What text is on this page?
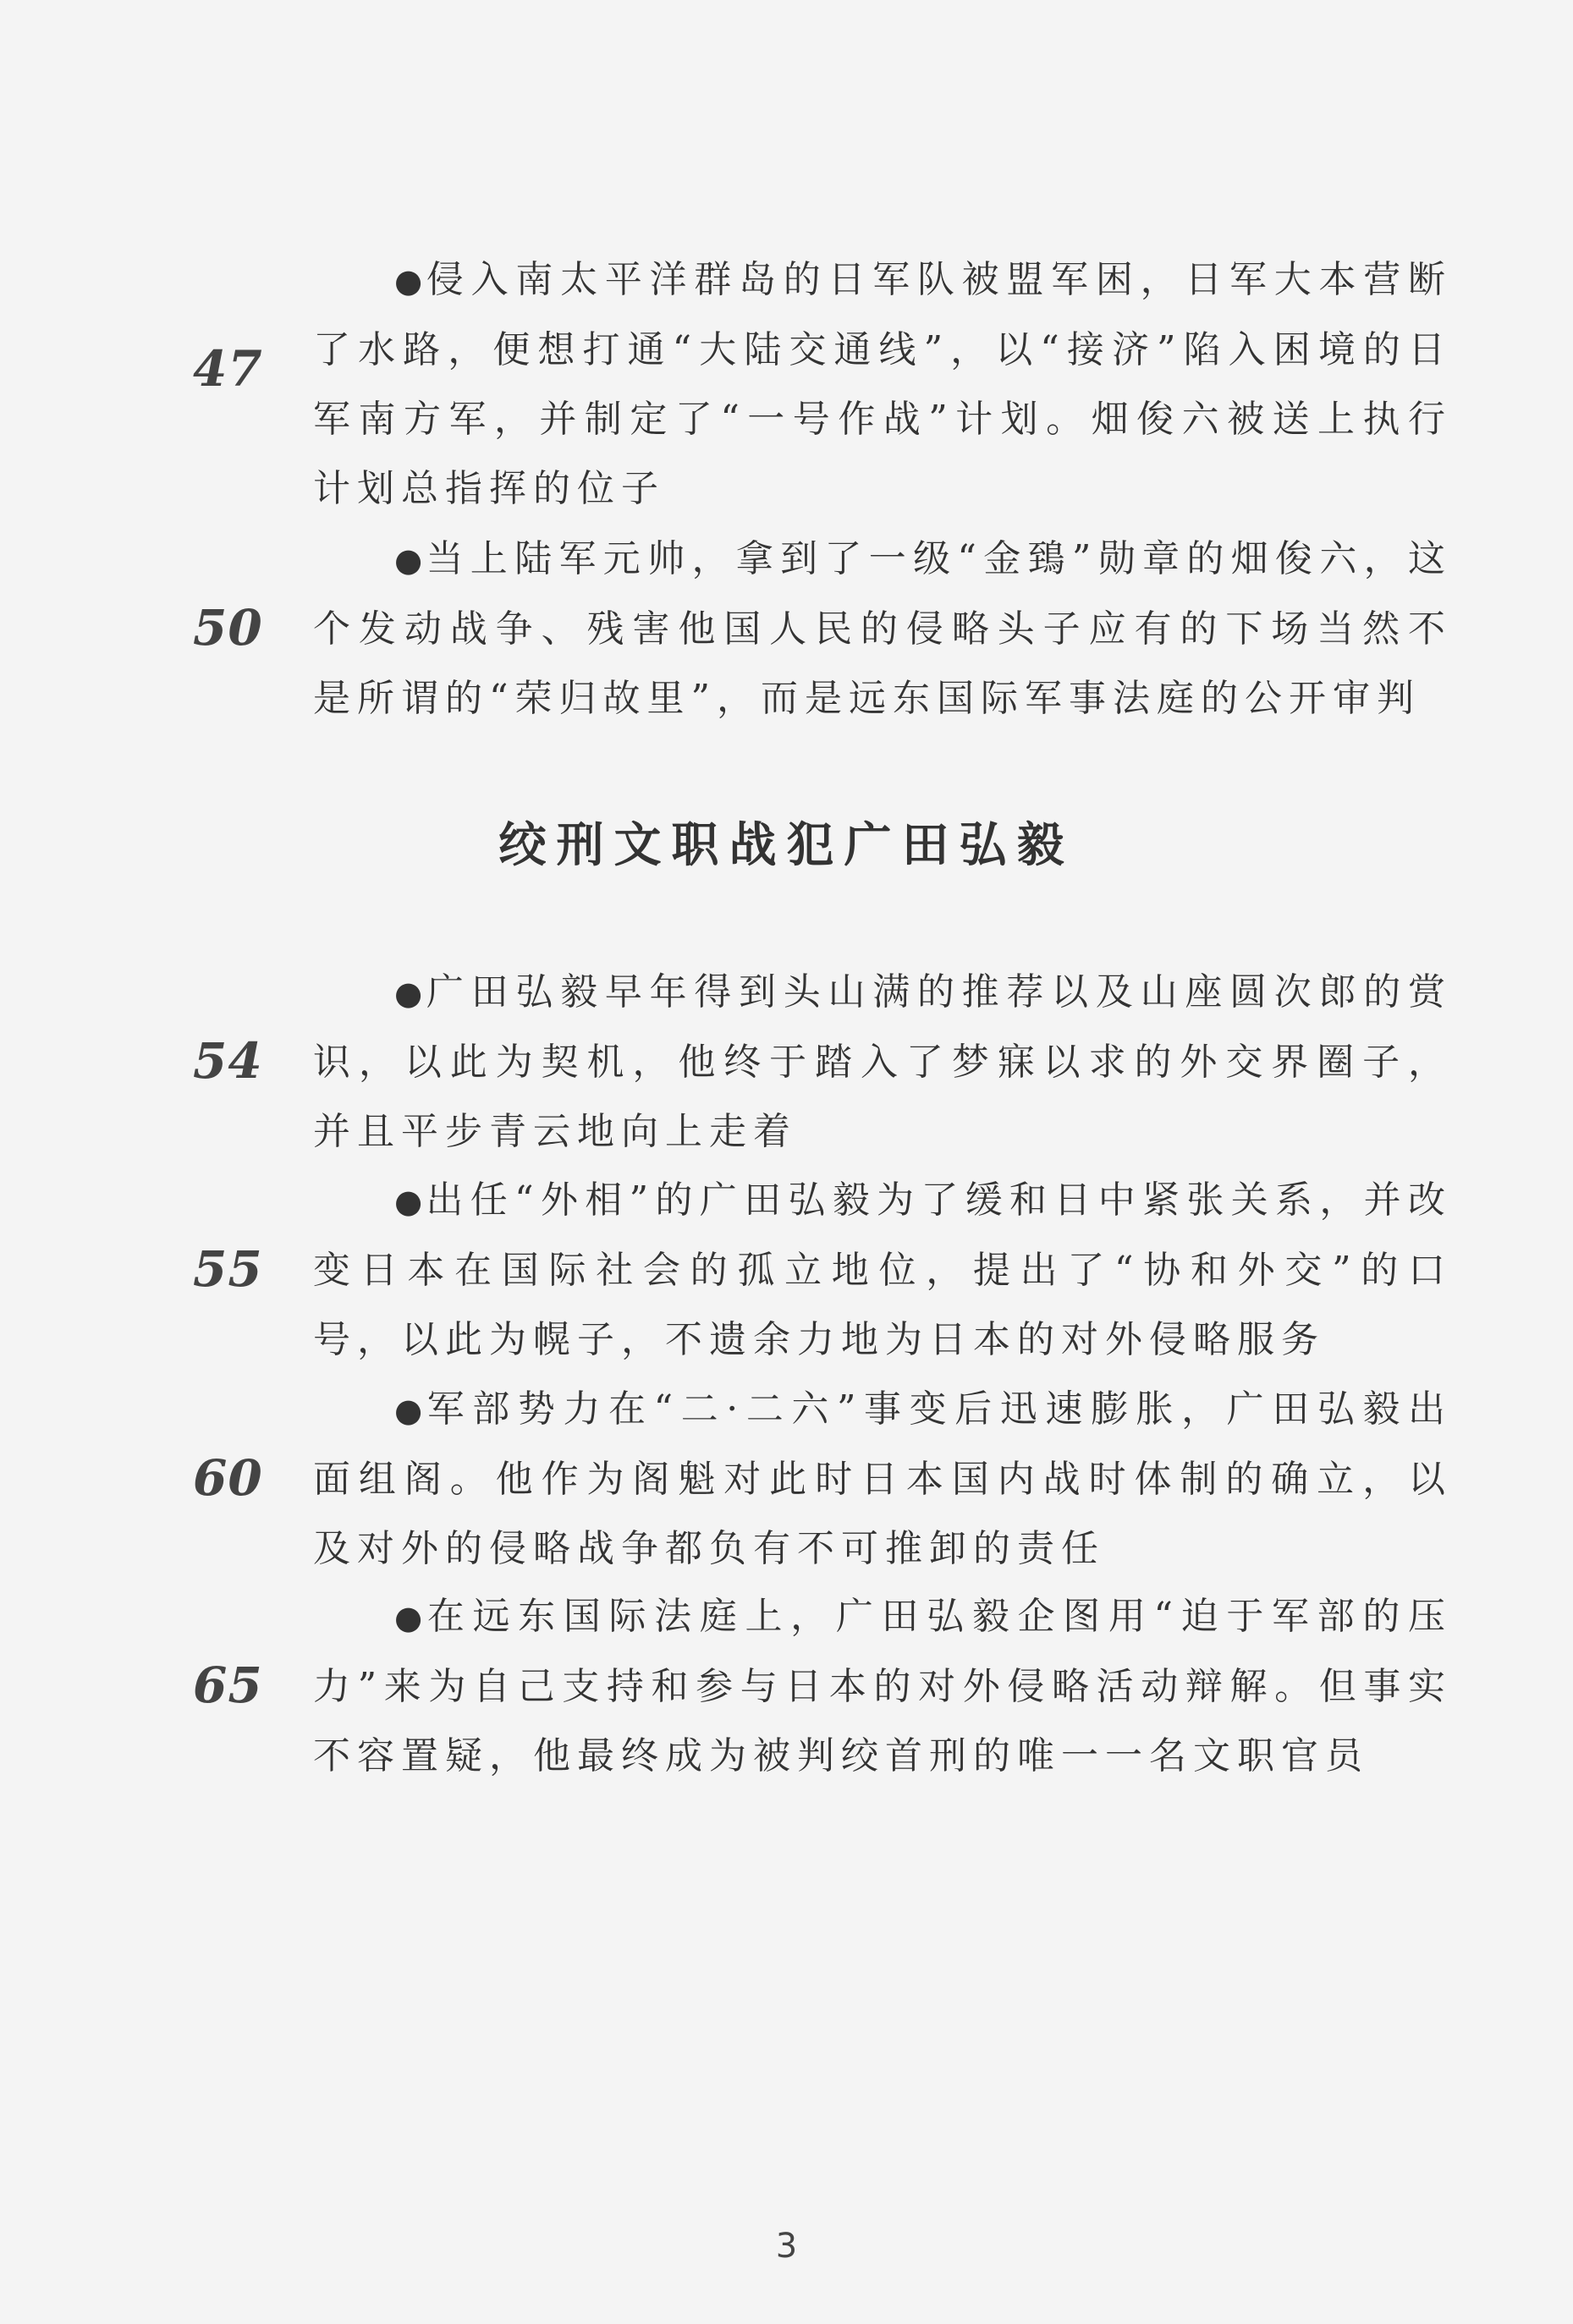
47
●侵入南太平洋群岛的日军队被盟军困，日军大本营断了水路，便想打通“大陆交通线”，以“接济”陷入困境的日军南方军，并制定了“一号作战”计划。畑俊六被送上执行计划总指挥的位子
50
●当上陆军元帅，拿到了一级“金鵄”勋章的畑俊六，这个发动战争、残害他国人民的侵略头子应有的下场当然不是所谓的“荣归故里”，而是远东国际军事法庭的公开审判
绞刑文职战犯广田弘毅
54
●广田弘毅早年得到头山满的推荐以及山座圆次郎的赏识，以此为契机，他终于踏入了梦寐以求的外交界圈子，并且平步青云地向上走着
55
●出任“外相”的广田弘毅为了缓和日中紧张关系，并改变日本在国际社会的孤立地位，提出了“协和外交”的口号，以此为幌子，不遗余力地为日本的对外侵略服务
60
●军部势力在“二·二六”事变后迅速膨胀，广田弘毅出面组阁。他作为阁魁对此时日本国内战时体制的确立，以及对外的侵略战争都负有不可推卸的责任
65
●在远东国际法庭上，广田弘毅企图用“迫于军部的压力”来为自己支持和参与日本的对外侵略活动辩解。但事实不容置疑，他最终成为被判绞首刑的唯一一名文职官员
3
